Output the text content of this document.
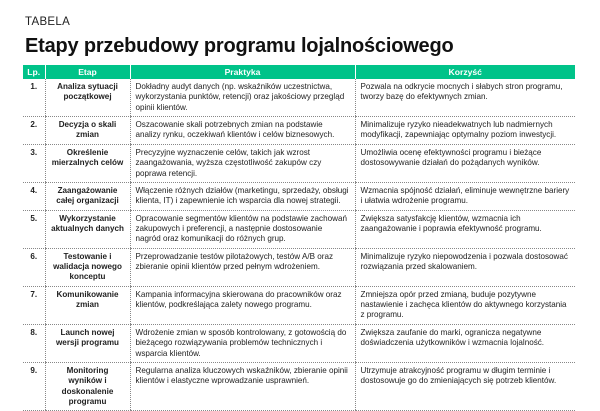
TABELA
Etapy przebudowy programu lojalnościowego
Lp.	Etap	Praktyka	Korzyść
1.	Analiza sytuacji początkowej	Dokładny audyt danych (np. wskaźników uczestnictwa, wykorzystania punktów, retencji) oraz jakościowy przegląd opinii klientów.	Pozwala na odkrycie mocnych i słabych stron programu, tworzy bazę do efektywnych zmian.
2.	Decyzja o skali zmian	Oszacowanie skali potrzebnych zmian na podstawie analizy rynku, oczekiwań klientów i celów biznesowych.	Minimalizuje ryzyko nieadekwatnych lub nadmiernych modyfikacji, zapewniając optymalny poziom inwestycji.
3.	Określenie mierzalnych celów	Precyzyjne wyznaczenie celów, takich jak wzrost zaangażowania, wyższa częstotliwość zakupów czy poprawa retencji.	Umożliwia ocenę efektywności programu i bieżące dostosowywanie działań do pożądanych wyników.
4.	Zaangażowanie całej organizacji	Włączenie różnych działów (marketingu, sprzedaży, obsługi klienta, IT) i zapewnienie ich wsparcia dla nowej strategii.	Wzmacnia spójność działań, eliminuje wewnętrzne bariery i ułatwia wdrożenie programu.
5.	Wykorzystanie aktualnych danych	Opracowanie segmentów klientów na podstawie zachowań zakupowych i preferencji, a następnie dostosowanie nagród oraz komunikacji do różnych grup.	Zwiększa satysfakcję klientów, wzmacnia ich zaangażowanie i poprawia efektywność programu.
6.	Testowanie i walidacja nowego konceptu	Przeprowadzanie testów pilotażowych, testów A/B oraz zbieranie opinii klientów przed pełnym wdrożeniem.	Minimalizuje ryzyko niepowodzenia i pozwala dostosować rozwiązania przed skalowaniem.
7.	Komunikowanie zmian	Kampania informacyjna skierowana do pracowników oraz klientów, podkreślająca zalety nowego programu.	Zmniejsza opór przed zmianą, buduje pozytywne nastawienie i zachęca klientów do aktywnego korzystania z programu.
8.	Launch nowej wersji programu	Wdrożenie zmian w sposób kontrolowany, z gotowością do bieżącego rozwiązywania problemów technicznych i wsparcia klientów.	Zwiększa zaufanie do marki, ogranicza negatywne doświadczenia użytkowników i wzmacnia lojalność.
9.	Monitoring wyników i doskonalenie programu	Regularna analiza kluczowych wskaźników, zbieranie opinii klientów i elastyczne wprowadzanie usprawnień.	Utrzymuje atrakcyjność programu w długim terminie i dostosowuje go do zmieniających się potrzeb klientów.
